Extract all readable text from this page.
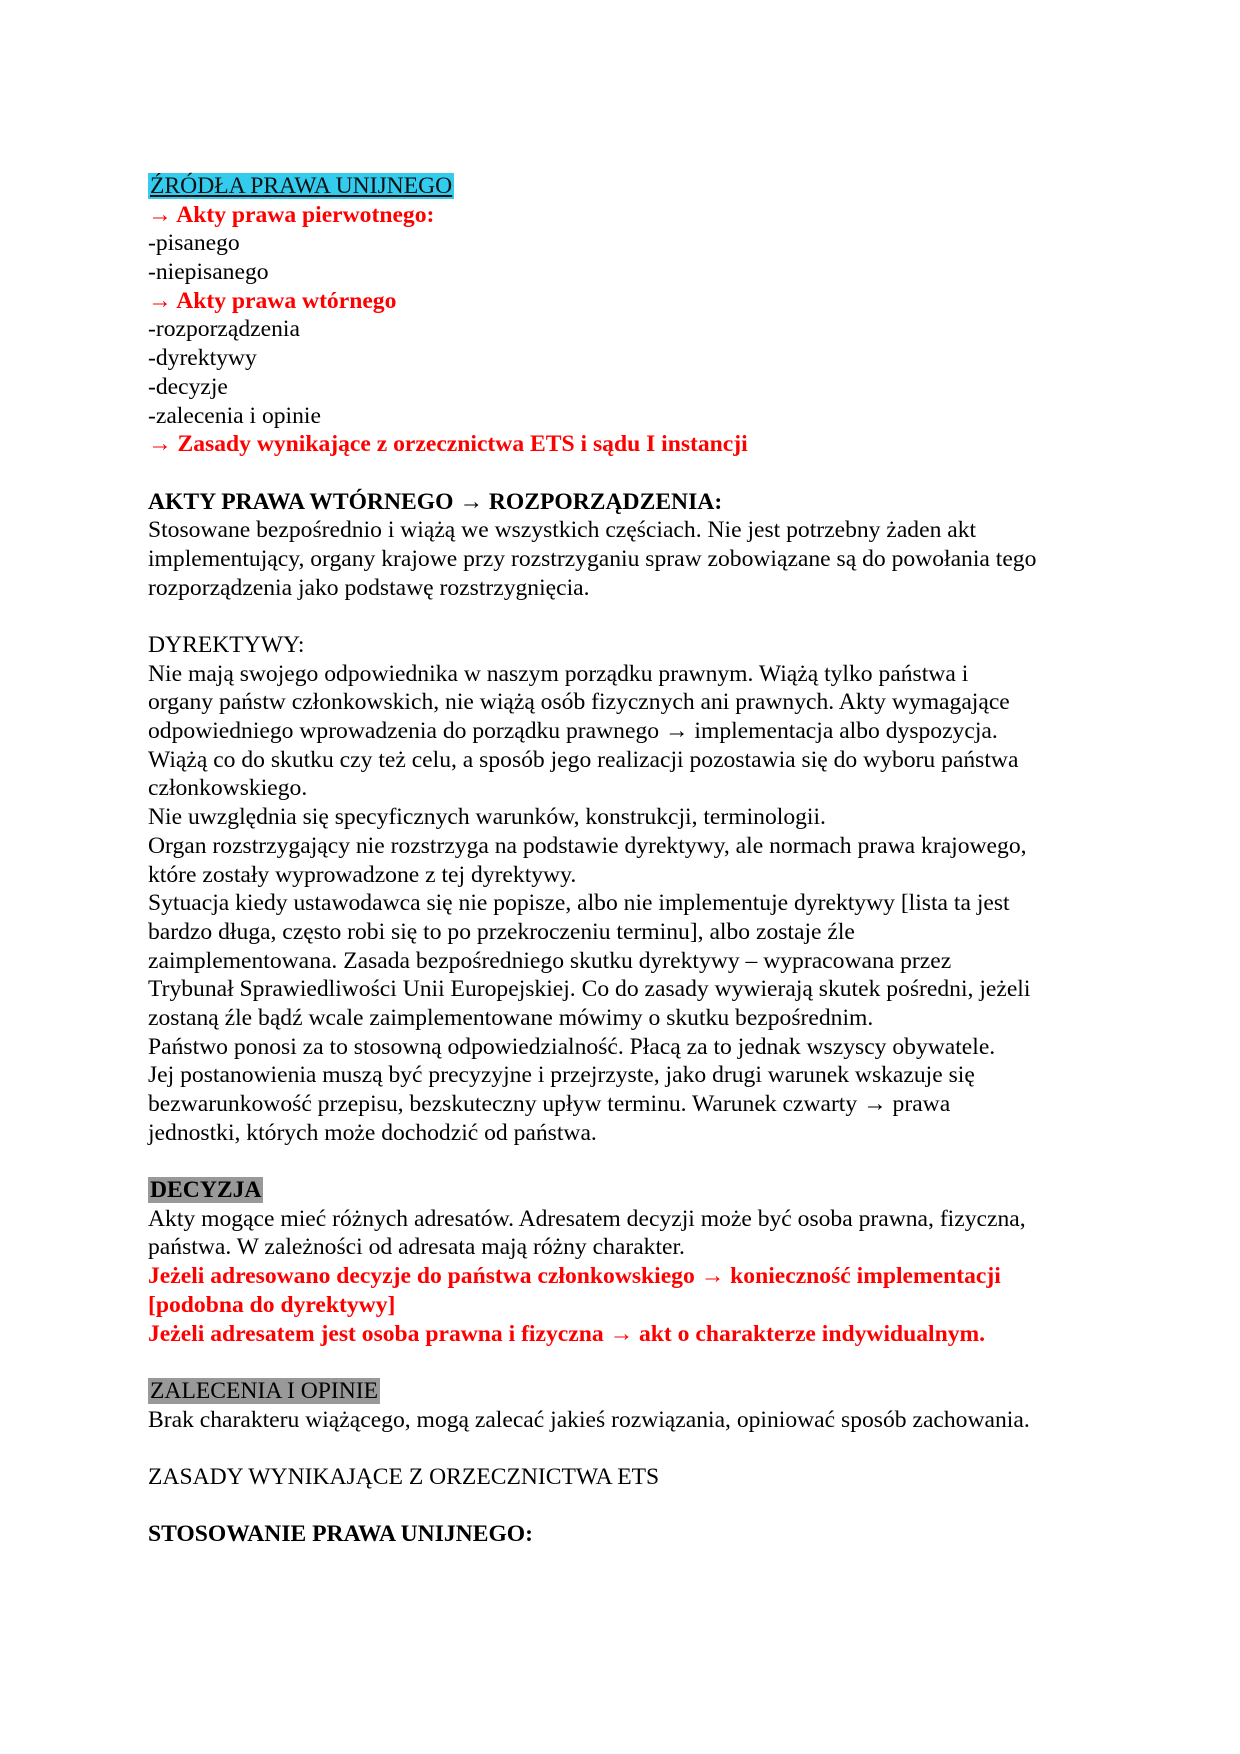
ŹRÓDŁA PRAWA UNIJNEGO
→ Akty prawa pierwotnego:
-pisanego
-niepisanego
→ Akty prawa wtórnego
-rozporządzenia
-dyrektywy
-decyzje
-zalecenia i opinie
→ Zasady wynikające z orzecznictwa ETS i sądu I instancji
AKTY PRAWA WTÓRNEGO → ROZPORZĄDZENIA:
Stosowane bezpośrednio i wiążą we wszystkich częściach. Nie jest potrzebny żaden akt
implementujący, organy krajowe przy rozstrzyganiu spraw zobowiązane są do powołania tego
rozporządzenia jako podstawę rozstrzygnięcia.
DYREKTYWY:
Nie mają swojego odpowiednika w naszym porządku prawnym. Wiążą tylko państwa i
organy państw członkowskich, nie wiążą osób fizycznych ani prawnych. Akty wymagające
odpowiedniego wprowadzenia do porządku prawnego → implementacja albo dyspozycja.
Wiążą co do skutku czy też celu, a sposób jego realizacji pozostawia się do wyboru państwa
członkowskiego.
Nie uwzględnia się specyficznych warunków, konstrukcji, terminologii.
Organ rozstrzygający nie rozstrzyga na podstawie dyrektywy, ale normach prawa krajowego,
które zostały wyprowadzone z tej dyrektywy.
Sytuacja kiedy ustawodawca się nie popisze, albo nie implementuje dyrektywy [lista ta jest
bardzo długa, często robi się to po przekroczeniu terminu], albo zostaje źle
zaimplementowana. Zasada bezpośredniego skutku dyrektywy – wypracowana przez
Trybunał Sprawiedliwości Unii Europejskiej. Co do zasady wywierają skutek pośredni, jeżeli
zostaną źle bądź wcale zaimplementowane mówimy o skutku bezpośrednim.
Państwo ponosi za to stosowną odpowiedzialność. Płacą za to jednak wszyscy obywatele.
Jej postanowienia muszą być precyzyjne i przejrzyste, jako drugi warunek wskazuje się
bezwarunkowość przepisu, bezskuteczny upływ terminu. Warunek czwarty → prawa
jednostki, których może dochodzić od państwa.
DECYZJA
Akty mogące mieć różnych adresatów. Adresatem decyzji może być osoba prawna, fizyczna,
państwa. W zależności od adresata mają różny charakter.
Jeżeli adresowano decyzje do państwa członkowskiego → konieczność implementacji
[podobna do dyrektywy]
Jeżeli adresatem jest osoba prawna i fizyczna → akt o charakterze indywidualnym.
ZALECENIA I OPINIE
Brak charakteru wiążącego, mogą zalecać jakieś rozwiązania, opiniować sposób zachowania.
ZASADY WYNIKAJĄCE Z ORZECZNICTWA ETS
STOSOWANIE PRAWA UNIJNEGO:
